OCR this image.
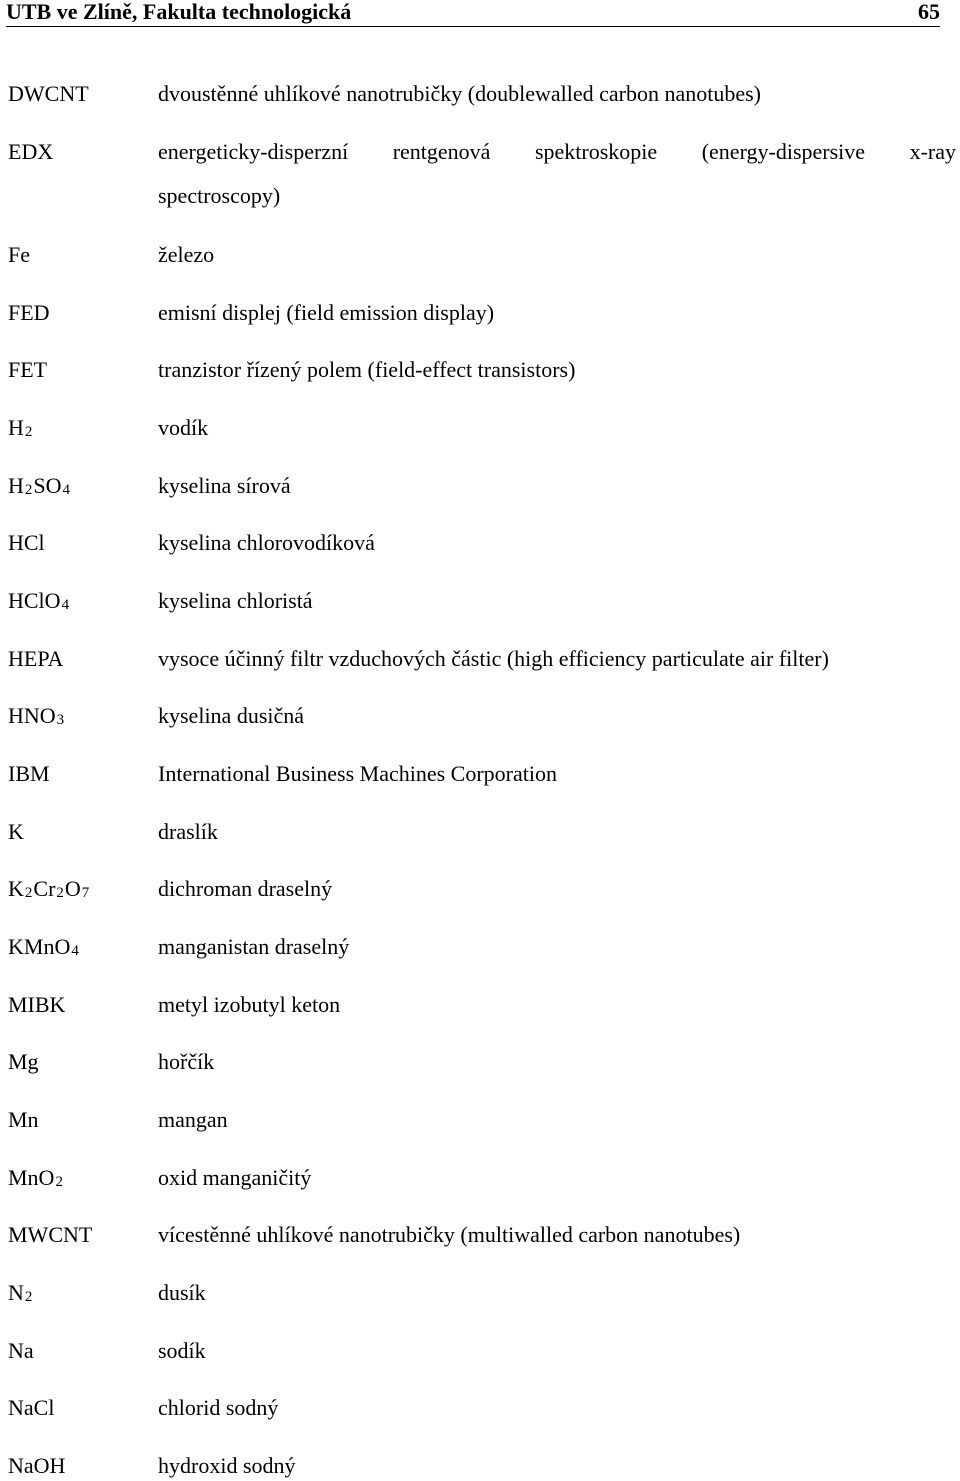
UTB ve Zlíně, Fakulta technologická	65
DWCNT	dvoustěnné uhlíkové nanotrubičky (doublewalled carbon nanotubes)
EDX	energeticky-disperzní rentgenová spektroskopie (energy-dispersive x-ray
spectroscopy)
Fe	železo
FED	emisní displej (field emission display)
FET	tranzistor řízený polem (field-effect transistors)
H2	vodík
H2SO4	kyselina sírová
HCl	kyselina chlorovodíková
HClO4	kyselina chloristá
HEPA	vysoce účinný filtr vzduchových částic (high efficiency particulate air filter)
HNO3	kyselina dusičná
IBM	International Business Machines Corporation
K	draslík
K2Cr2O7	dichroman draselný
KMnO4	manganistan draselný
MIBK	metyl izobutyl keton
Mg	hořčík
Mn	mangan
MnO2	oxid manganičitý
MWCNT	vícestěnné uhlíkové nanotrubičky (multiwalled carbon nanotubes)
N2	dusík
Na	sodík
NaCl	chlorid sodný
NaOH	hydroxid sodný
